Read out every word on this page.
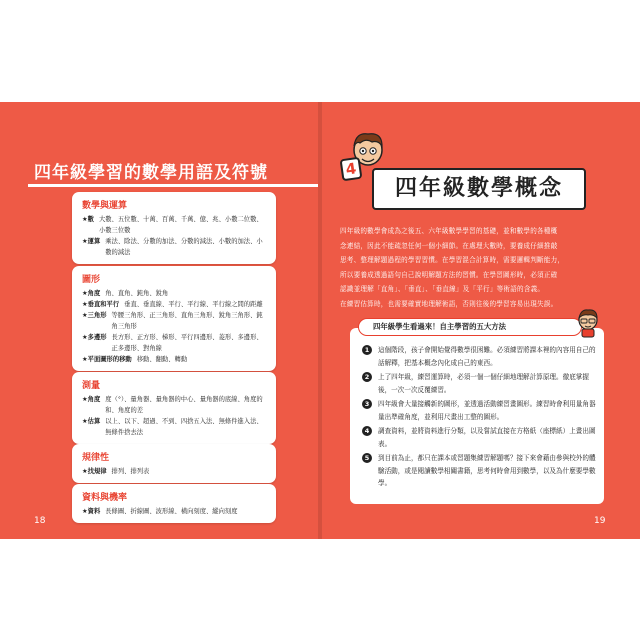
四年級學習的數學用語及符號
數學與運算
★數 大數、五位數、十萬、百萬、千萬、億、兆、小數二位數、小數三位數
★運算 乘法、除法、分數的加法、分數的減法、小數的加法、小數的減法
圖形
★角度 角、直角、鈍角、銳角
★垂直和平行 垂直、垂直線、平行、平行線、平行線之間的距離
★三角形 等腰三角形、正三角形、直角三角形、銳角三角形、鈍角三角形
★多邊形 長方形、正方形、梯形、平行四邊形、菱形、多邊形、正多邊形、對角線
★平面圖形的移動 移動、翻動、轉動
測量
★角度 度（°）、量角器、量角器的中心、量角器的底線、角度的和、角度的差
★估算 以上、以下、超過、不到、四捨五入法、無條件進入法、無條件捨去法
規律性
★找規律 排列、排列表
資料與機率
★資料 長條圖、折線圖、波形線、橫向刻度、縱向刻度
18
4
四年級數學概念
四年級的數學會成為之後五、六年級數學學習的基礎，並和數學的各種概
念連結，因此不能疏忽任何一個小細節。在處理大數時，要養成仔細推敲
思考、整理解題過程的學習習慣。在學習混合計算時，需要邏輯判斷能力，
所以要養成透過語句自己說明解題方法的習慣。在學習圖形時，必須正確
認識並理解「直角」、「垂直」、「垂直線」及「平行」等術語的含義。
在練習估算時，也需要確實地理解術語，否則往後的學習容易出現失誤。
四年級學生看過來！自主學習的五大方法
1	這個階段，孩子會開始覺得數學很困難。必須練習將課本裡的內容用自己的話解釋，把基本概念內化成自己的東西。
2	上了四年級，練習運算時，必須一個一個仔細地理解計算原理。徹底掌握後，一次一次反覆練習。
3	四年級會大量接觸新的圖形，並透過活動練習畫圖形。練習時會利用量角器量出準確角度，並利用尺畫出工整的圖形。
4	調查資料，並將資料進行分類，以及嘗試直接在方格紙（座標紙）上畫出圖表。
5	到目前為止，都只在課本或習題集練習解題嗎？接下來會藉由參與校外的體驗活動，或是閱讀數學相關書籍，思考何時會用到數學，以及為什麼要學數學。
19
